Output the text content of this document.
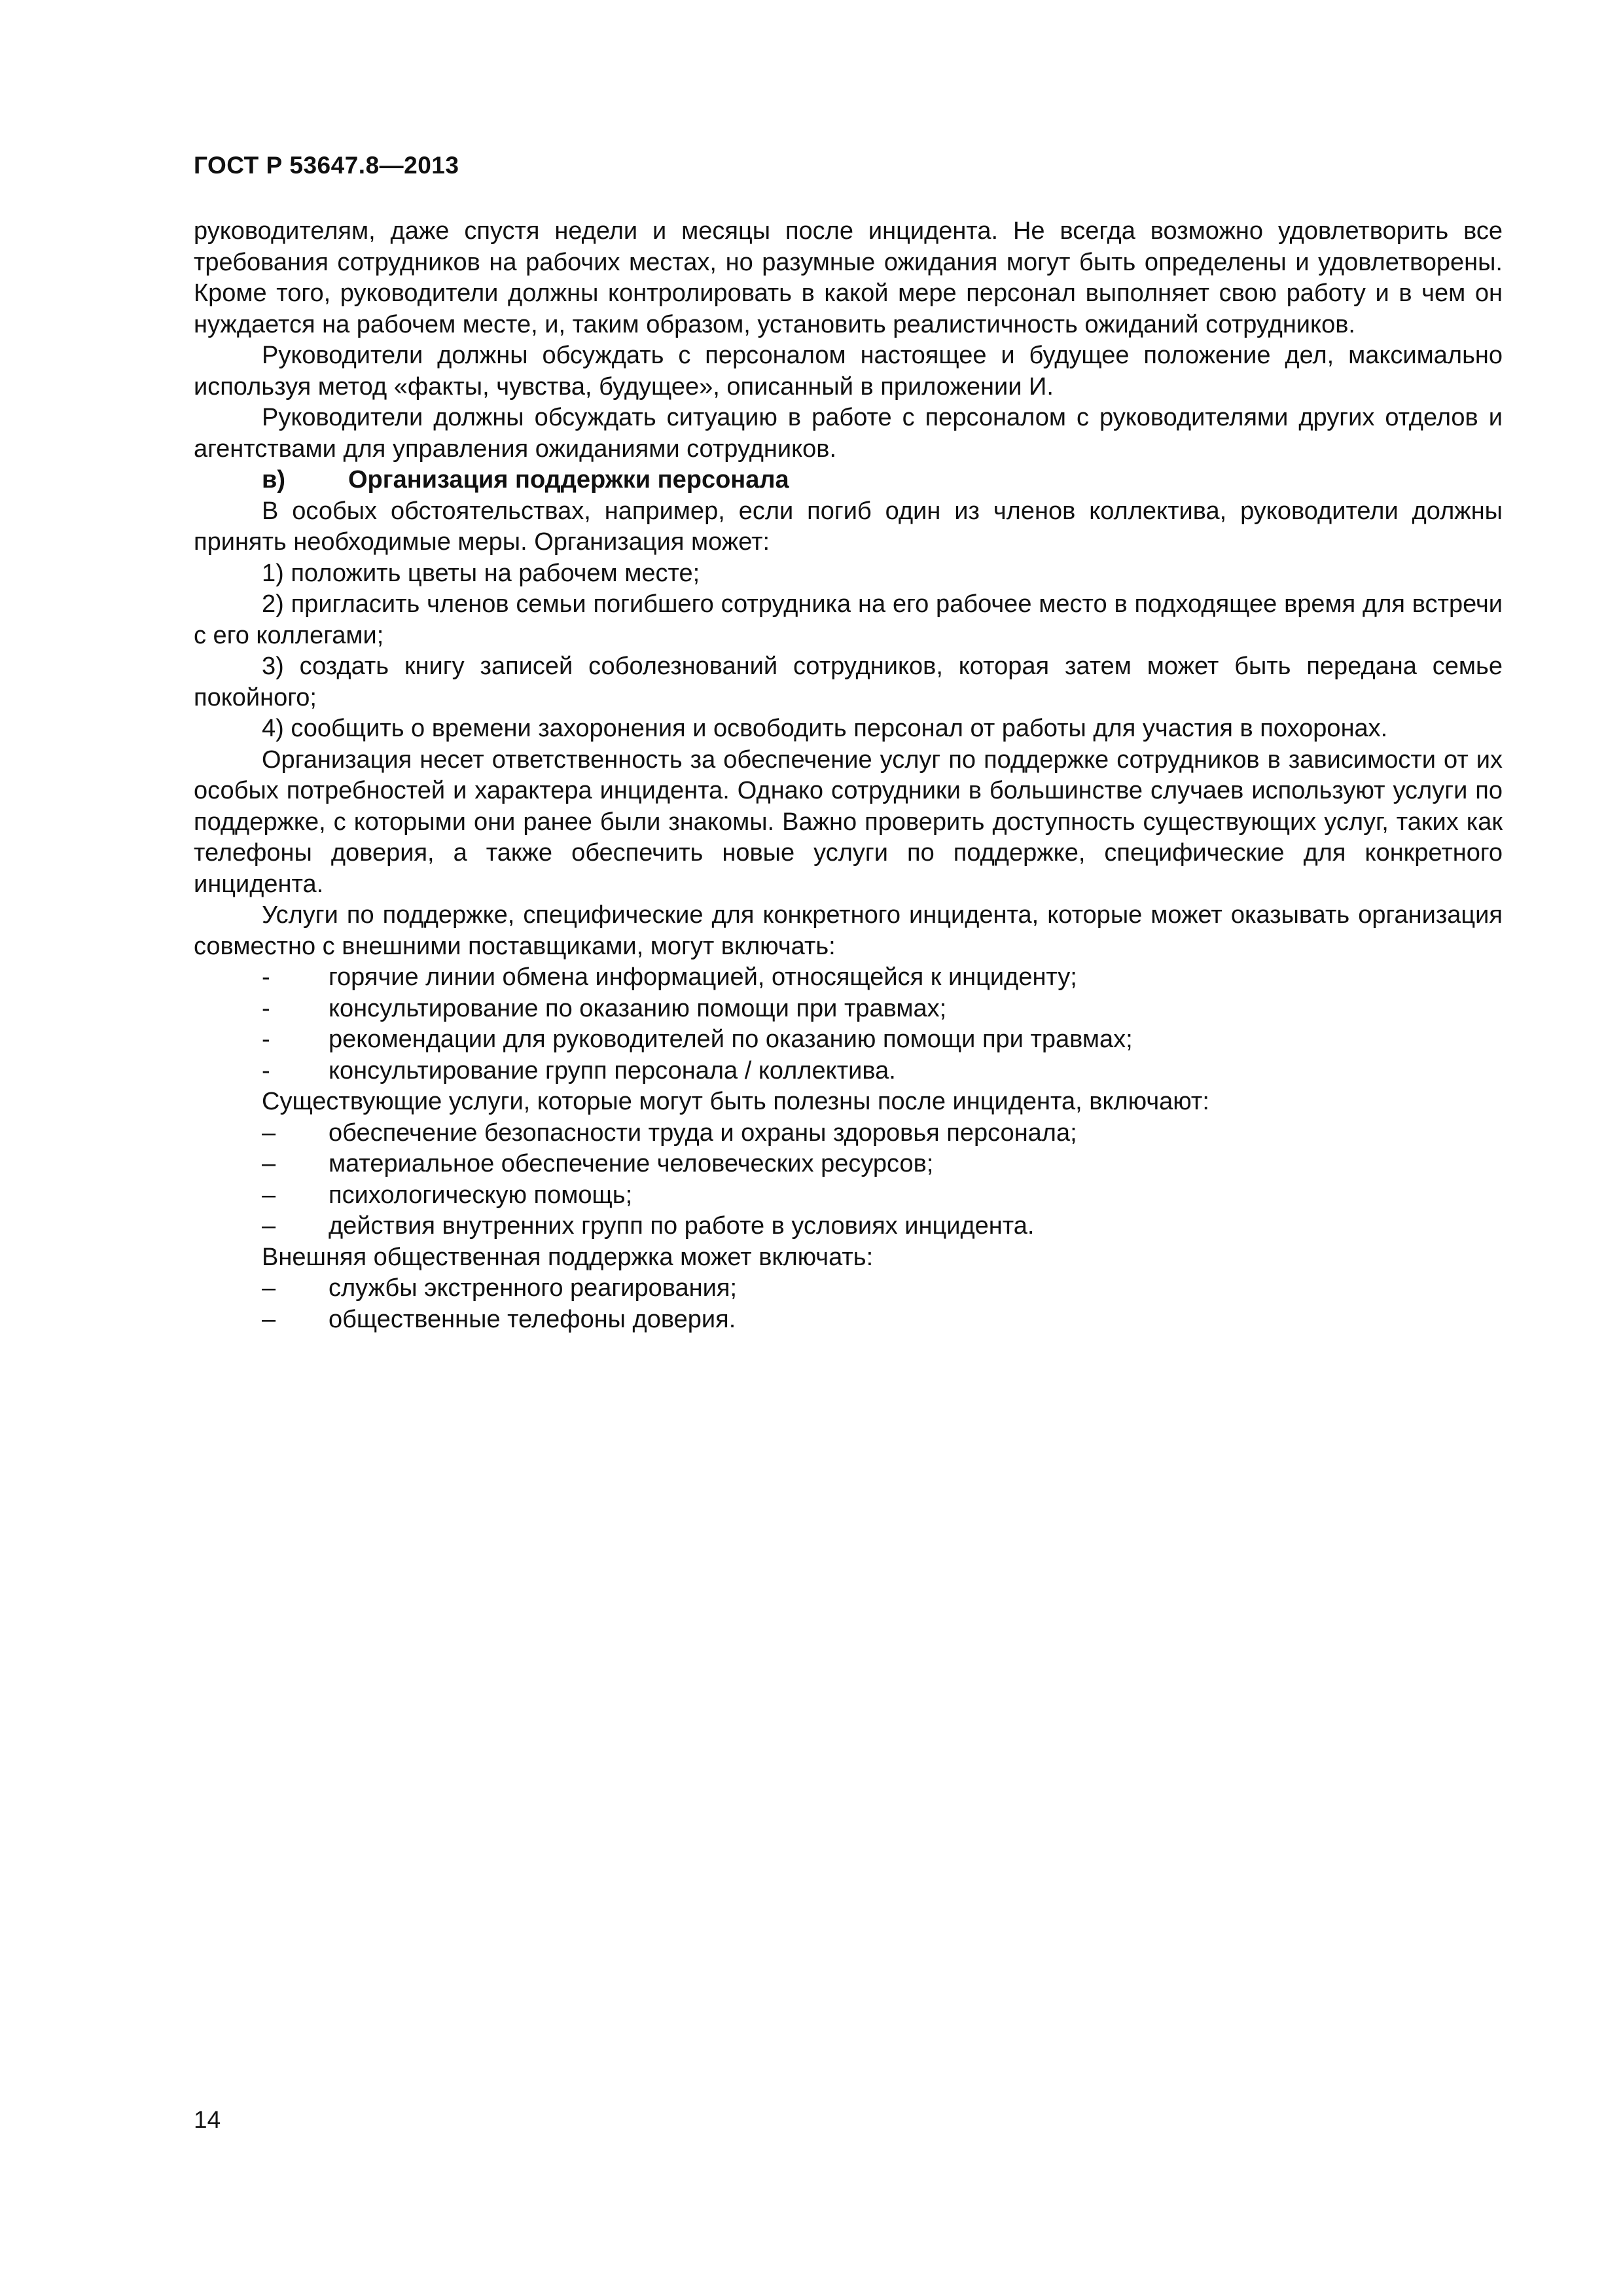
ГОСТ Р 53647.8—2013

руководителям, даже спустя недели и месяцы после инцидента. Не всегда возможно удовлетворить все требования сотрудников на рабочих местах, но разумные ожидания могут быть определены и удовлетворены. Кроме того, руководители должны контролировать в какой мере персонал выполняет свою работу и в чем он нуждается на рабочем месте, и, таким образом, установить реалистичность ожиданий сотрудников.

Руководители должны обсуждать с персоналом настоящее и будущее положение дел, максимально используя метод «факты, чувства, будущее», описанный в приложении И.

Руководители должны обсуждать ситуацию в работе с персоналом с руководителями других отделов и агентствами для управления ожиданиями сотрудников.

в)	Организация поддержки персонала

В особых обстоятельствах, например, если погиб один из членов коллектива, руководители должны принять необходимые меры. Организация может:

1) положить цветы на рабочем месте;

2) пригласить членов семьи погибшего сотрудника на его рабочее место в подходящее время для встречи с его коллегами;

3) создать книгу записей соболезнований сотрудников, которая затем может быть передана семье покойного;

4) сообщить о времени захоронения и освободить персонал от работы для участия в похоронах.

Организация несет ответственность за обеспечение услуг по поддержке сотрудников в зависимости от их особых потребностей и характера инцидента. Однако сотрудники в большинстве случаев используют услуги по поддержке, с которыми они ранее были знакомы. Важно проверить доступность существующих услуг, таких как телефоны доверия, а также обеспечить новые услуги по поддержке, специфические для конкретного инцидента.

Услуги по поддержке, специфические для конкретного инцидента, которые может оказывать организация совместно с внешними поставщиками, могут включать:

- горячие линии обмена информацией, относящейся к инциденту;

- консультирование по оказанию помощи при травмах;

- рекомендации для руководителей по оказанию помощи при травмах;

- консультирование групп персонала / коллектива.

Существующие услуги, которые могут быть полезны после инцидента, включают:

– обеспечение безопасности труда и охраны здоровья персонала;

– материальное обеспечение человеческих ресурсов;

– психологическую помощь;

– действия внутренних групп по работе в условиях инцидента.

Внешняя общественная поддержка может включать:

– службы экстренного реагирования;

– общественные телефоны доверия.

14
